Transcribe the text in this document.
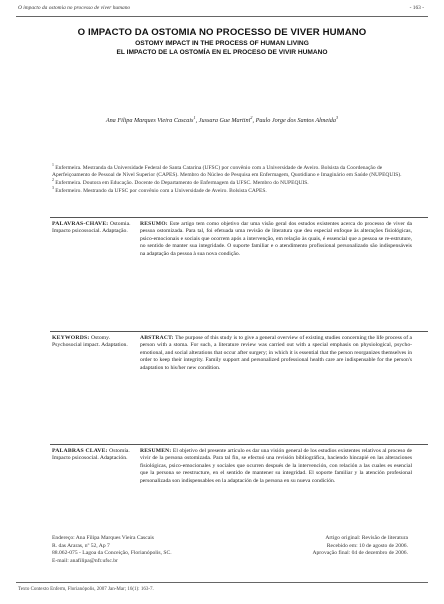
O impacto da ostomia no processo de viver humano	- 163 -
O IMPACTO DA OSTOMIA NO PROCESSO DE VIVER HUMANO
OSTOMY IMPACT IN THE PROCESS OF HUMAN LIVING
EL IMPACTO DE LA OSTOMÍA EN EL PROCESO DE VIVIR HUMANO
Ana Filipa Marques Vieira Cascais$^1$, Jussara Gue Martini$^2$, Paulo Jorge dos Santos Almeida$^3$
$^1$ Enfermeira. Mestranda da Universidade Federal de Santa Catarina (UFSC) por convênio com a Universidade de Aveiro. Bolsista da Coordenação de Aperfeiçoamento de Pessoal de Nível Superior (CAPES). Membro do Núcleo de Pesquisa em Enfermagem, Quotidiano e Imaginário em Saúde (NUPEQUIS).
$^2$ Enfermeira. Doutora em Educação. Docente do Departamento de Enfermagem da UFSC. Membro do NUPEQUIS.
$^3$ Enfermeiro. Mestrando da UFSC por convênio com a Universidade de Aveiro. Bolsista CAPES.
PALAVRAS-CHAVE: Ostomia. Impacto psicossocial. Adaptação.
RESUMO: Este artigo tem como objetivo dar uma visão geral dos estudos existentes acerca do processo de viver da pessoa ostomizada. Para tal, foi efetuada uma revisão de literatura que deu especial enfoque às alterações fisiológicas, psico-emocionais e sociais que ocorrem após a intervenção, em relação às quais, é essencial que a pessoa se re-estruture, no sentido de manter sua integridade. O suporte familiar e o atendimento profissional personalizado são indispensáveis na adaptação da pessoa à sua nova condição.
KEYWORDS: Ostomy. Psychosocial impact. Adaptation.
ABSTRACT: The purpose of this study is to give a general overview of existing studies concerning the life process of a person with a stoma. For such, a literature review was carried out with a special emphasis on physiological, psycho-emotional, and social alterations that occur after surgery; in which it is essential that the person reorganizes themselves in order to keep their integrity. Family support and personalized professional health care are indispensable for the person's adaptation to his/her new condition.
PALABRAS CLAVE: Ostomía. Impacto psicosocial. Adaptación.
RESUMEN: El objetivo del presente artículo es dar una visión general de los estudios existentes relativos al proceso de vivir de la persona ostomizada. Para tal fin, se efectuó una revisión bibliográfica, haciendo hincapié en las alteraciones fisiológicas, psico-emocionales y sociales que ocurren después de la intervención, con relación a las cuales es esencial que la persona se reestructure, en el sentido de mantener su integridad. El soporte familiar y la atención profesional personalizada son indispensables en la adaptación de la persona en su nueva condición.
Endereço: Ana Filipa Marques Vieira Cascais
R. das Araras, nº 52, Ap 7
88.062-075 - Lagoa da Conceição, Florianópolis, SC.
E-mail: anafilipa@nfr.ufsc.br
Artigo original: Revisão de literatura
Recebido em: 10 de agosto de 2006.
Aprovação final: 04 de dezembro de 2006.
Texto Contexto Enferm, Florianópolis, 2007 Jan-Mar; 16(1): 163-7.
